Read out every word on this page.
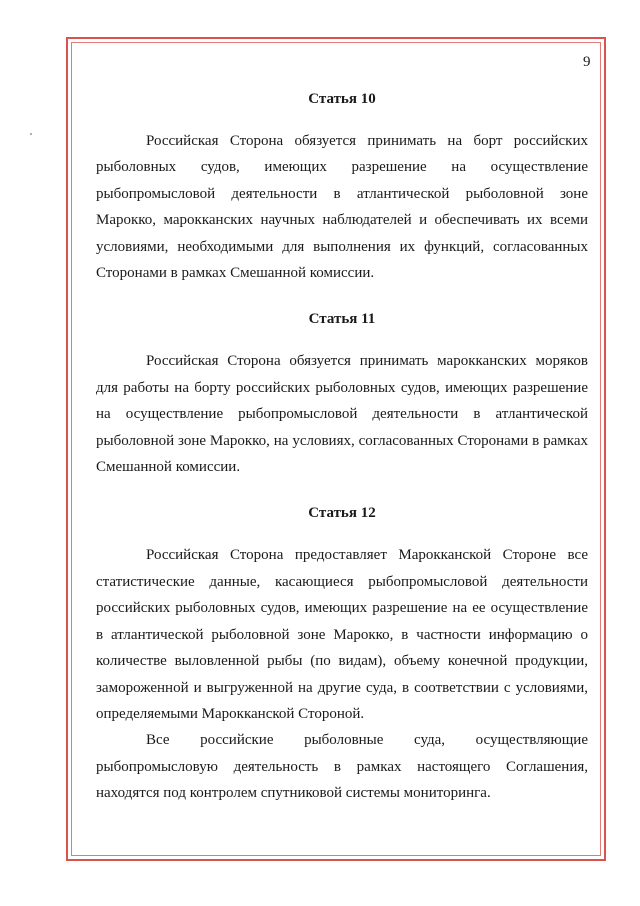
9
Статья 10

Российская Сторона обязуется принимать на борт российских рыболовных судов, имеющих разрешение на осуществление рыбопромысловой деятельности в атлантической рыболовной зоне Марокко, марокканских научных наблюдателей и обеспечивать их всеми условиями, необходимыми для выполнения их функций, согласованных Сторонами в рамках Смешанной комиссии.

Статья 11

Российская Сторона обязуется принимать марокканских моряков для работы на борту российских рыболовных судов, имеющих разрешение на осуществление рыбопромысловой деятельности в атлантической рыболовной зоне Марокко, на условиях, согласованных Сторонами в рамках Смешанной комиссии.

Статья 12

Российская Сторона предоставляет Марокканской Стороне все статистические данные, касающиеся рыбопромысловой деятельности российских рыболовных судов, имеющих разрешение на ее осуществление в атлантической рыболовной зоне Марокко, в частности информацию о количестве выловленной рыбы (по видам), объему конечной продукции, замороженной и выгруженной на другие суда, в соответствии с условиями, определяемыми Марокканской Стороной.

Все российские рыболовные суда, осуществляющие рыбопромысловую деятельность в рамках настоящего Соглашения, находятся под контролем спутниковой системы мониторинга.
